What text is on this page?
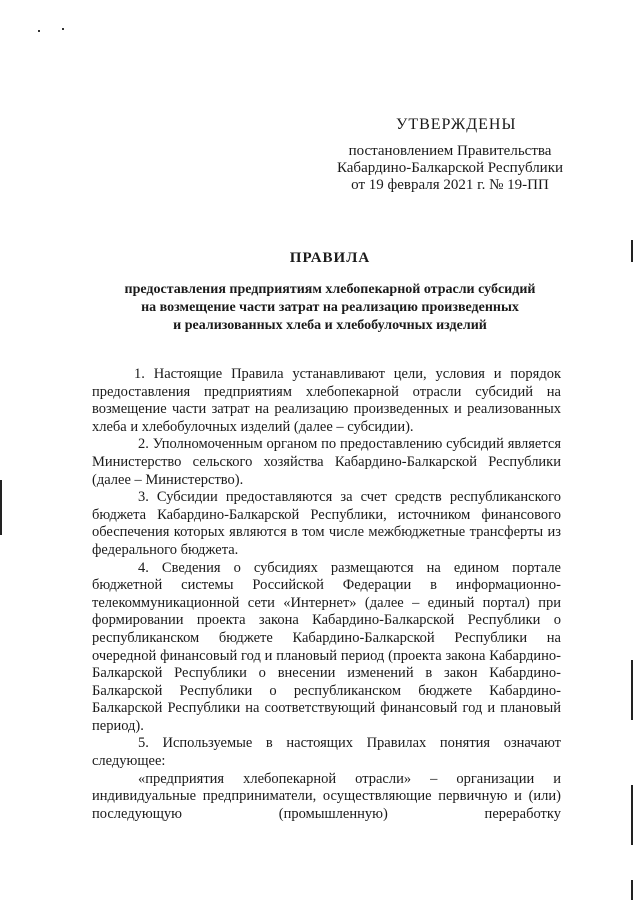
УТВЕРЖДЕНЫ
постановлением Правительства
Кабардино-Балкарской Республики
от 19 февраля 2021 г. № 19-ПП
ПРАВИЛА
предоставления предприятиям хлебопекарной отрасли субсидий
на возмещение части затрат на реализацию произведенных
и реализованных хлеба и хлебобулочных изделий

1. Настоящие Правила устанавливают цели, условия и порядок предоставления предприятиям хлебопекарной отрасли субсидий на возмещение части затрат на реализацию произведенных и реализованных хлеба и хлебобулочных изделий (далее – субсидии).

2. Уполномоченным органом по предоставлению субсидий является Министерство сельского хозяйства Кабардино-Балкарской Республики (далее – Министерство).

3. Субсидии предоставляются за счет средств республиканского бюджета Кабардино-Балкарской Республики, источником финансового обеспечения которых являются в том числе межбюджетные трансферты из федерального бюджета.

4. Сведения о субсидиях размещаются на едином портале бюджетной системы Российской Федерации в информационно-телекоммуникационной сети «Интернет» (далее – единый портал) при формировании проекта закона Кабардино-Балкарской Республики о республиканском бюджете Кабардино-Балкарской Республики на очередной финансовый год и плановый период (проекта закона Кабардино-Балкарской Республики о внесении изменений в закон Кабардино-Балкарской Республики о республиканском бюджете Кабардино-Балкарской Республики на соответствующий финансовый год и плановый период).

5. Используемые в настоящих Правилах понятия означают следующее:

«предприятия хлебопекарной отрасли» – организации и индивидуальные предприниматели, осуществляющие первичную и (или) последующую (промышленную) переработку
